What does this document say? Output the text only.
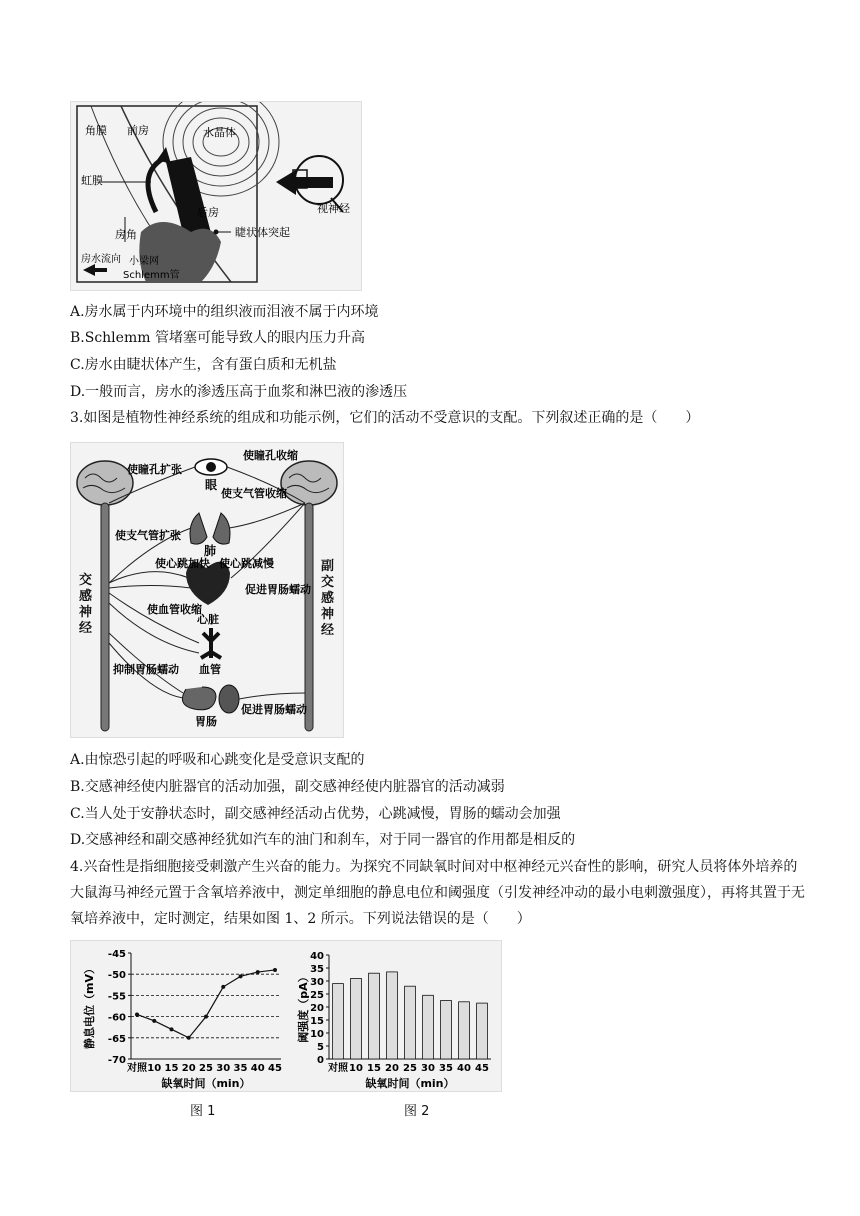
角膜 前房	水晶体
虹膜
后房
房角	睫状体突起
视神经
房水流向 小梁网
Schlemm管
A.房水属于内环境中的组织液而泪液不属于内环境
B.Schlemm 管堵塞可能导致人的眼内压力升高
C.房水由睫状体产生，含有蛋白质和无机盐
D.一般而言，房水的渗透压高于血浆和淋巴液的渗透压
3.如图是植物性神经系统的组成和功能示例，它们的活动不受意识的支配。下列叙述正确的是（　　）
使瞳孔扩张
使瞳孔收缩
眼
使支气管收缩
使支气管扩张
肺
使心跳加快 使心跳减慢
心脏
使血管收缩
血管
促进胃肠蠕动
抑制胃肠蠕动
胃肠
促进胃肠蠕动
交
感
神
经
副
交
感
神
经
A.由惊恐引起的呼吸和心跳变化是受意识支配的
B.交感神经使内脏器官的活动加强，副交感神经使内脏器官的活动减弱
C.当人处于安静状态时，副交感神经活动占优势，心跳减慢，胃肠的蠕动会加强
D.交感神经和副交感神经犹如汽车的油门和刹车，对于同一器官的作用都是相反的
4.兴奋性是指细胞接受刺激产生兴奋的能力。为探究不同缺氧时间对中枢神经元兴奋性的影响，研究人员将体外培养的大鼠海马神经元置于含氧培养液中，测定单细胞的静息电位和阈强度（引发神经冲动的最小电刺激强度），再将其置于无氧培养液中，定时测定，结果如图 1、2 所示。下列说法错误的是（　　）
-45
-50
-55
-60
-65
-70
对照 10 15 20 25 30 35 40 45
缺氧时间（min）
静息电位（mV）
40
35
30
25
20
15
10
5
0
对照 10 15 20 25 30 35 40 45
缺氧时间（min）
阈强度（pA）
图 1	图 2
